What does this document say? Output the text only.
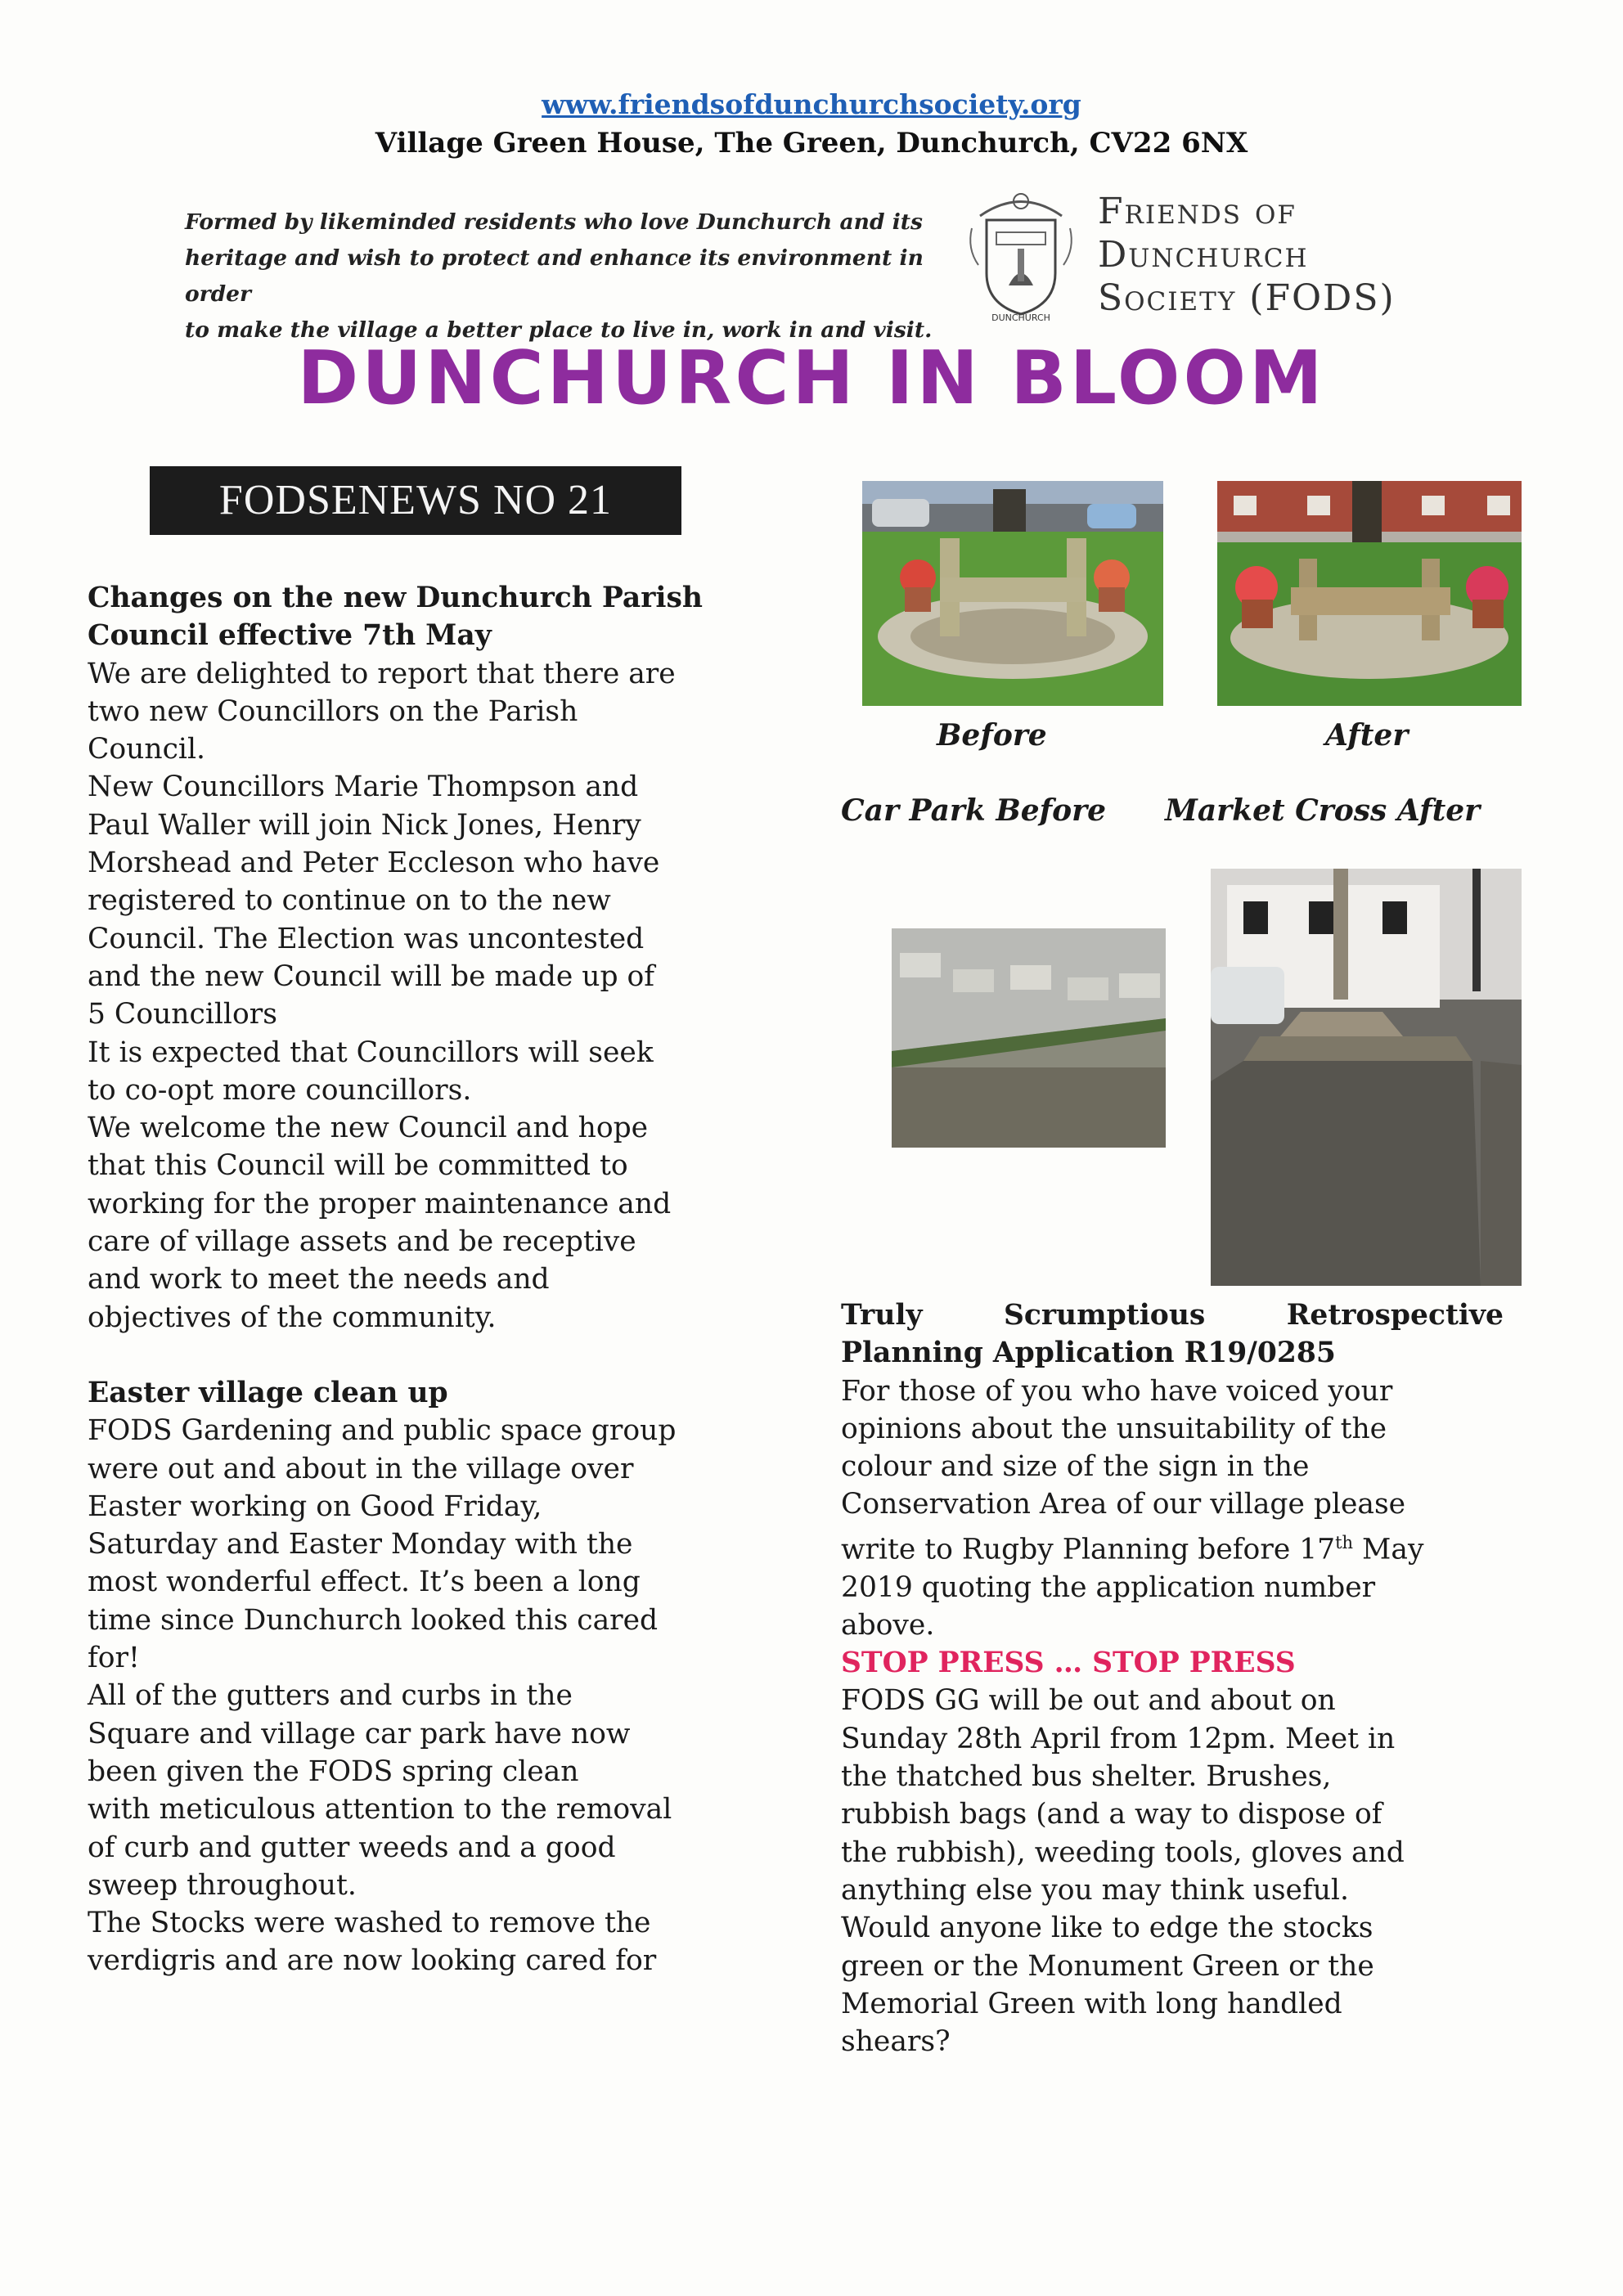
www.friendsofdunchurchsociety.org
Village Green House, The Green, Dunchurch, CV22 6NX
Formed by likeminded residents who love Dunchurch and its
heritage and wish to protect and enhance its environment in order
to make the village a better place to live in, work in and visit.	DUNCHURCH
Friends of
Dunchurch
Society (FODS)
DUNCHURCH IN BLOOM
FODSENEWS NO 21

Changes on the new Dunchurch Parish

Council effective 7th May

We are delighted to report that there are

two new Councillors on the Parish

Council.

New Councillors Marie Thompson and

Paul Waller will join Nick Jones, Henry

Morshead and Peter Eccleson who have

registered to continue on to the new

Council. The Election was uncontested

and the new Council will be made up of

5 Councillors

It is expected that Councillors will seek

to co-opt more councillors.

We welcome the new Council and hope

that this Council will be committed to

working for the proper maintenance and

care of village assets and be receptive

and work to meet the needs and

objectives of the community.

Easter village clean up

FODS Gardening and public space group

were out and about in the village over

Easter working on Good Friday,

Saturday and Easter Monday with the

most wonderful effect. It’s been a long

time since Dunchurch looked this cared

for!

All of the gutters and curbs in the

Square and village car park have now

been given the FODS spring clean

with meticulous attention to the removal

of curb and gutter weeds and a good

sweep throughout.

The Stocks were washed to remove the

verdigris and are now looking cared for

Before	After
Car Park Before Market Cross After

Truly	Scrumptious	Retrospective

Planning Application R19/0285

For those of you who have voiced your

opinions about the unsuitability of the

colour and size of the sign in the

Conservation Area of our village please

write to Rugby Planning before 17th May

2019 quoting the application number

above.

STOP PRESS … STOP PRESS

FODS GG will be out and about on

Sunday 28th April from 12pm. Meet in

the thatched bus shelter. Brushes,

rubbish bags (and a way to dispose of

the rubbish), weeding tools, gloves and

anything else you may think useful.

Would anyone like to edge the stocks

green or the Monument Green or the

Memorial Green with long handled

shears?
